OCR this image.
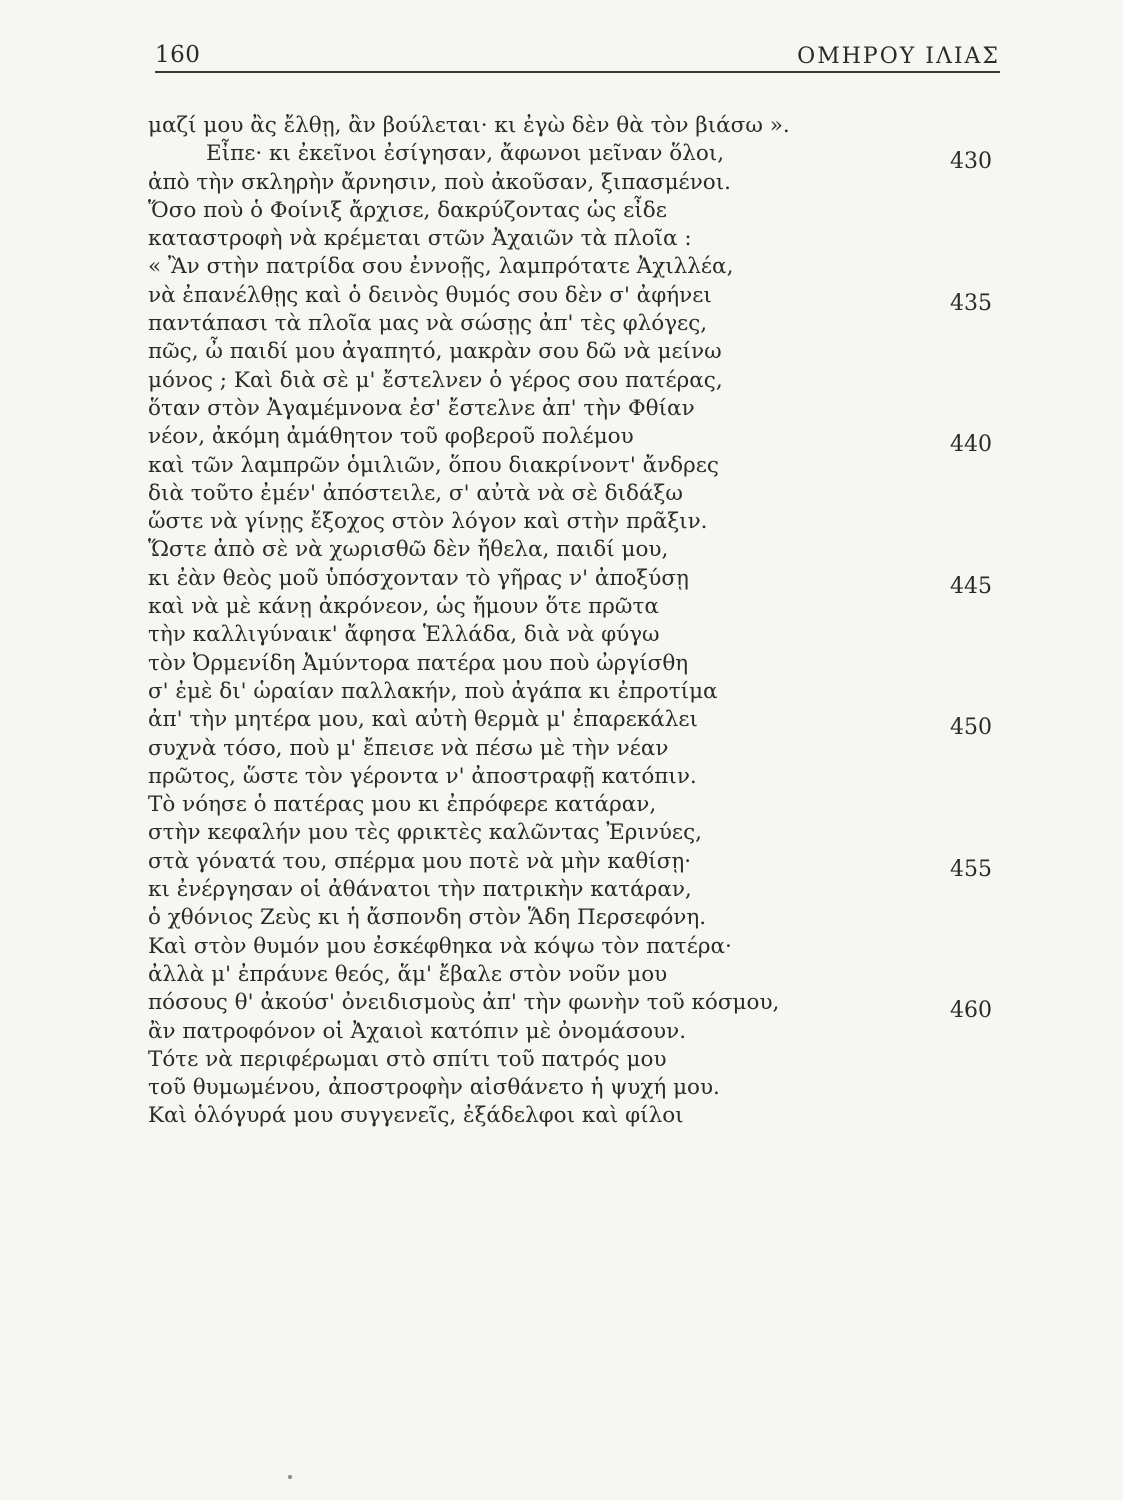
160	ΟΜΗΡΟΥ ΙΛΙΑΣ
μαζί μου ἂς ἔλθῃ, ἂν βούλεται· κι ἐγὼ δὲν θὰ τὸν βιάσω ».
Εἶπε· κι ἐκεῖνοι ἐσίγησαν, ἄφωνοι μεῖναν ὅλοι,	430
ἀπὸ τὴν σκληρὴν ἄρνησιν, ποὺ ἀκοῦσαν, ξιπασμένοι.
Ὅσο ποὺ ὁ Φοίνιξ ἄρχισε, δακρύζοντας ὡς εἶδε
καταστροφὴ νὰ κρέμεται στῶν Ἀχαιῶν τὰ πλοῖα :
« Ἂν στὴν πατρίδα σου ἐννοῇς, λαμπρότατε Ἀχιλλέα,
νὰ ἐπανέλθῃς καὶ ὁ δεινὸς θυμός σου δὲν σ' ἀφήνει	435
παντάπασι τὰ πλοῖα μας νὰ σώσῃς ἀπ' τὲς φλόγες,
πῶς, ὦ παιδί μου ἀγαπητό, μακρὰν σου δῶ νὰ μείνω
μόνος ; Καὶ διὰ σὲ μ' ἔστελνεν ὁ γέρος σου πατέρας,
ὅταν στὸν Ἀγαμέμνονα ἐσ' ἔστελνε ἀπ' τὴν Φθίαν
νέον, ἀκόμη ἀμάθητον τοῦ φοβεροῦ πολέμου	440
καὶ τῶν λαμπρῶν ὁμιλιῶν, ὅπου διακρίνοντ' ἄνδρες
διὰ τοῦτο ἐμέν' ἀπόστειλε, σ' αὐτὰ νὰ σὲ διδάξω
ὥστε νὰ γίνῃς ἔξοχος στὸν λόγον καὶ στὴν πρᾶξιν.
Ὥστε ἀπὸ σὲ νὰ χωρισθῶ δὲν ἤθελα, παιδί μου,
κι ἐὰν θεὸς μοῦ ὑπόσχονταν τὸ γῆρας ν' ἀποξύσῃ	445
καὶ νὰ μὲ κάνῃ ἀκρόνεον, ὡς ἤμουν ὅτε πρῶτα
τὴν καλλιγύναικ' ἄφησα Ἑλλάδα, διὰ νὰ φύγω
τὸν Ὀρμενίδη Ἀμύντορα πατέρα μου ποὺ ὠργίσθη
σ' ἐμὲ δι' ὡραίαν παλλακήν, ποὺ ἀγάπα κι ἐπροτίμα
ἀπ' τὴν μητέρα μου, καὶ αὐτὴ θερμὰ μ' ἐπαρεκάλει	450
συχνὰ τόσο, ποὺ μ' ἔπεισε νὰ πέσω μὲ τὴν νέαν
πρῶτος, ὥστε τὸν γέροντα ν' ἀποστραφῇ κατόπιν.
Τὸ νόησε ὁ πατέρας μου κι ἐπρόφερε κατάραν,
στὴν κεφαλήν μου τὲς φρικτὲς καλῶντας Ἐρινύες,
στὰ γόνατά του, σπέρμα μου ποτὲ νὰ μὴν καθίσῃ·	455
κι ἐνέργησαν οἱ ἀθάνατοι τὴν πατρικὴν κατάραν,
ὁ χθόνιος Ζεὺς κι ἡ ἄσπονδη στὸν Ἅδη Περσεφόνη.
Καὶ στὸν θυμόν μου ἐσκέφθηκα νὰ κόψω τὸν πατέρα·
ἀλλὰ μ' ἐπράυνε θεός, ἅμ' ἔβαλε στὸν νοῦν μου
πόσους θ' ἀκούσ' ὀνειδισμοὺς ἀπ' τὴν φωνὴν τοῦ κόσμου,	460
ἂν πατροφόνον οἱ Ἀχαιοὶ κατόπιν μὲ ὀνομάσουν.
Τότε νὰ περιφέρωμαι στὸ σπίτι τοῦ πατρός μου
τοῦ θυμωμένου, ἀποστροφὴν αἰσθάνετο ἡ ψυχή μου.
Καὶ ὁλόγυρά μου συγγενεῖς, ἐξάδελφοι καὶ φίλοι
